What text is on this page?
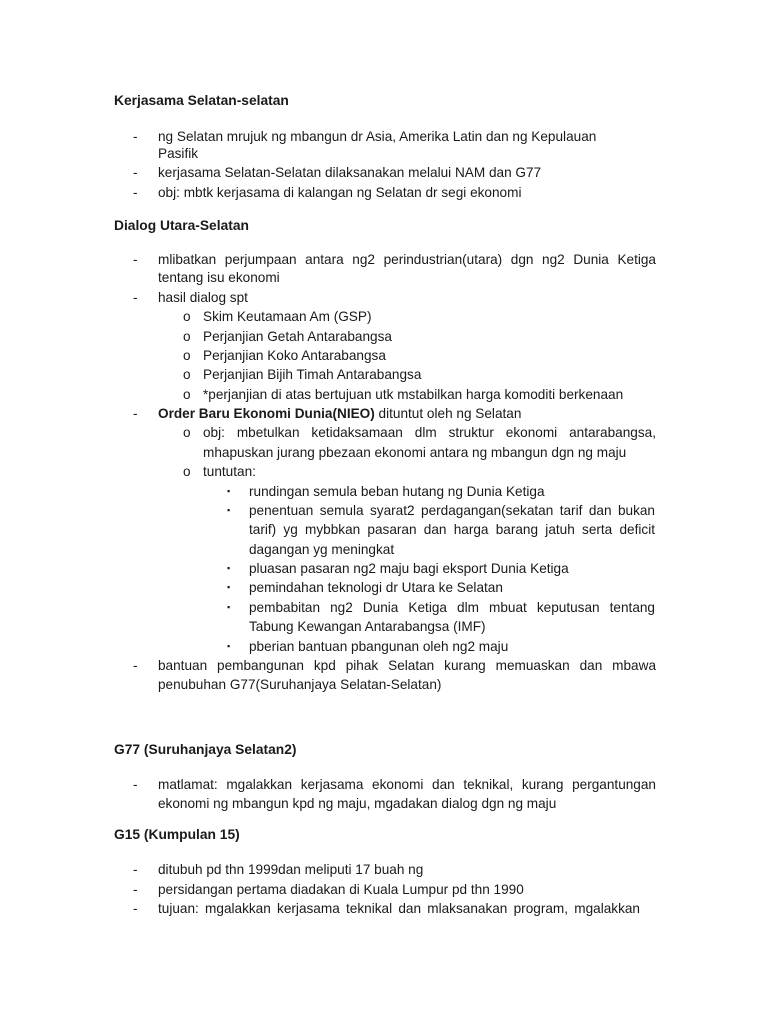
Kerjasama Selatan-selatan
-	ng Selatan mrujuk ng mbangun dr Asia, Amerika Latin dan ng Kepulauan
Pasifik
-	kerjasama Selatan-Selatan dilaksanakan melalui NAM dan G77
-	obj: mbtk kerjasama di kalangan ng Selatan dr segi ekonomi
Dialog Utara-Selatan
-	mlibatkan perjumpaan antara ng2 perindustrian(utara) dgn ng2 Dunia Ketiga
tentang isu ekonomi
-	hasil dialog spt
o Skim Keutamaan Am (GSP)
o Perjanjian Getah Antarabangsa
o Perjanjian Koko Antarabangsa
o Perjanjian Bijih Timah Antarabangsa
o *perjanjian di atas bertujuan utk mstabilkan harga komoditi berkenaan
-	Order Baru Ekonomi Dunia(NIEO) dituntut oleh ng Selatan
o obj: mbetulkan ketidaksamaan dlm struktur ekonomi antarabangsa,
mhapuskan jurang pbezaan ekonomi antara ng mbangun dgn ng maju
o tuntutan:
▪ rundingan semula beban hutang ng Dunia Ketiga
▪ penentuan semula syarat2 perdagangan(sekatan tarif dan bukan
tarif) yg mybbkan pasaran dan harga barang jatuh serta deficit
dagangan yg meningkat
▪ pluasan pasaran ng2 maju bagi eksport Dunia Ketiga
▪ pemindahan teknologi dr Utara ke Selatan
▪ pembabitan ng2 Dunia Ketiga dlm mbuat keputusan tentang
Tabung Kewangan Antarabangsa (IMF)
▪ pberian bantuan pbangunan oleh ng2 maju
-	bantuan pembangunan kpd pihak Selatan kurang memuaskan dan mbawa
penubuhan G77(Suruhanjaya Selatan-Selatan)
G77 (Suruhanjaya Selatan2)
-	matlamat: mgalakkan kerjasama ekonomi dan teknikal, kurang pergantungan
ekonomi ng mbangun kpd ng maju, mgadakan dialog dgn ng maju
G15 (Kumpulan 15)
-	ditubuh pd thn 1999dan meliputi 17 buah ng
-	persidangan pertama diadakan di Kuala Lumpur pd thn 1990
-	tujuan: mgalakkan kerjasama teknikal dan mlaksanakan program, mgalakkan
